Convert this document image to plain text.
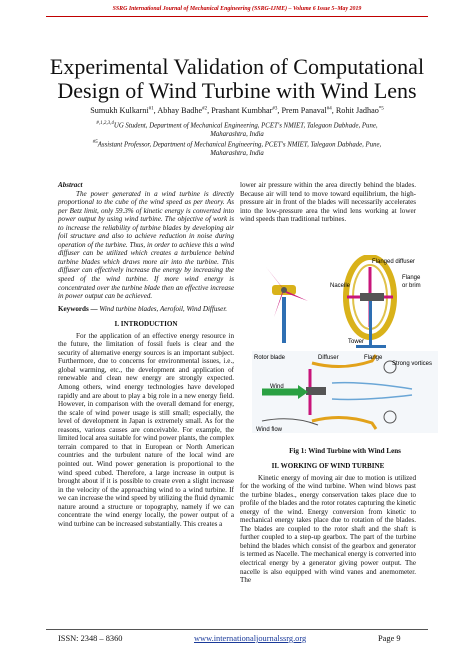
SSRG International Journal of Mechanical Engineering (SSRG-IJME) – Volume 6 Issue 5–May 2019
Experimental Validation of Computational
Design of Wind Turbine with Wind Lens
Sumukh Kulkarni$^{\#1}$, Abhay Badhe$^{\#2}$, Prashant Kumbhar$^{\#3}$, Prem Panaval$^{\#4}$, Rohit Jadhao$^{*5}$
$^{\#,1,2,3,4}$UG Student, Department of Mechanical Engineering, PCET's NMIET, Talegaon Dabhade, Pune,
Maharashtra, India
$^{\#5}$Assistant Professor, Department of Mechanical Engineering, PCET's NMIET, Talegaon Dabhade, Pune,
Maharashtra, India

Abstract

The power generated in a wind turbine is directly proportional to the cube of the wind speed as per theory. As per Betz limit, only 59.3% of kinetic energy is converted into power output by using wind turbine. The objective of work is to increase the reliability of turbine blades by developing air foil structure and also to achieve reduction in noise during operation of the turbine. Thus, in order to achieve this a wind diffuser can be utilized which creates a turbulence behind turbine blades which draws more air into the turbine. This diffuser can effectively increase the energy by increasing the speed of the wind turbine. If more wind energy is concentrated over the turbine blade then an effective increase in power output can be achieved.

Keywords — Wind turbine blades, Aerofoil, Wind Diffuser.

I. INTRODUCTION

For the application of an effective energy resource in the future, the limitation of fossil fuels is clear and the security of alternative energy sources is an important subject. Furthermore, due to concerns for environmental issues, i.e., global warming, etc., the development and application of renewable and clean new energy are strongly expected. Among others, wind energy technologies have developed rapidly and are about to play a big role in a new energy field. However, in comparison with the overall demand for energy, the scale of wind power usage is still small; especially, the level of development in Japan is extremely small. As for the reasons, various causes are conceivable. For example, the limited local area suitable for wind power plants, the complex terrain compared to that in European or North American countries and the turbulent nature of the local wind are pointed out. Wind power generation is proportional to the wind speed cubed. Therefore, a large increase in output is brought about if it is possible to create even a slight increase in the velocity of the approaching wind to a wind turbine. If we can increase the wind speed by utilizing the fluid dynamic nature around a structure or topography, namely if we can concentrate the wind energy locally, the power output of a wind turbine can be increased substantially. This creates a

lower air pressure within the area directly behind the blades. Because air will tend to move toward equilibrium, the high-pressure air in front of the blades will necessarily accelerates into the low-pressure area the wind lens working at lower wind speeds than traditional turbines.

Flanged diffuser
Flange
or brim
Nacelle
Tower
Rotor blade	Diffuser	Flange
Strong vortices
Wind
Wind flow
Fig 1: Wind Turbine with Wind Lens

II. WORKING OF WIND TURBINE

Kinetic energy of moving air due to motion is utilized for the working of the wind turbine. When wind blows past the turbine blades., energy conservation takes place due to profile of the blades and the rotor rotates capturing the kinetic energy of the wind. Energy conversion from kinetic to mechanical energy takes place due to rotation of the blades. The blades are coupled to the rotor shaft and the shaft is further coupled to a step-up gearbox. The part of the turbine behind the blades which consist of the gearbox and generator is termed as Nacelle. The mechanical energy is converted into electrical energy by a generator giving power output. The nacelle is also equipped with wind vanes and anemometer. The

ISSN: 2348 – 8360	www.internationaljournalssrg.org	Page 9
